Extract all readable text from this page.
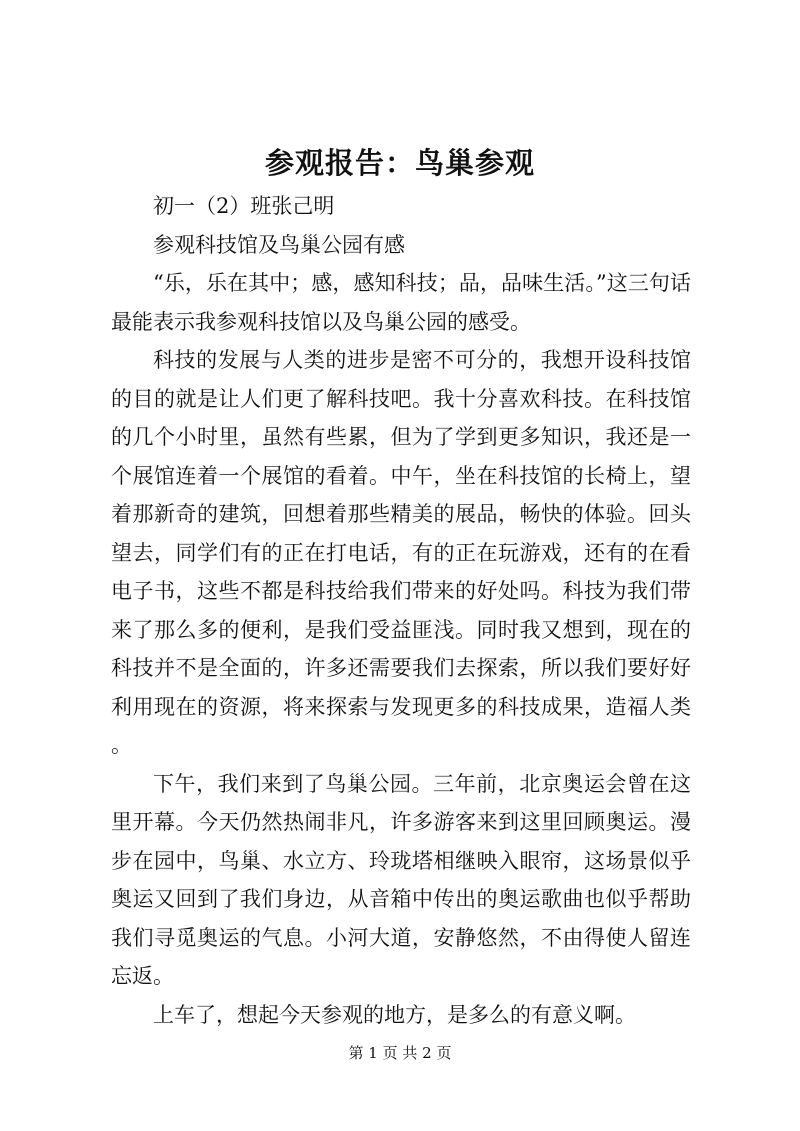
参观报告：鸟巢参观

初一（2）班张己明

参观科技馆及鸟巢公园有感

“乐，乐在其中；感，感知科技；品，品味生活。”这三句话最能表示我参观科技馆以及鸟巢公园的感受。

科技的发展与人类的进步是密不可分的，我想开设科技馆的目的就是让人们更了解科技吧。我十分喜欢科技。在科技馆的几个小时里，虽然有些累，但为了学到更多知识，我还是一个展馆连着一个展馆的看着。中午，坐在科技馆的长椅上，望着那新奇的建筑，回想着那些精美的展品，畅快的体验。回头望去，同学们有的正在打电话，有的正在玩游戏，还有的在看电子书，这些不都是科技给我们带来的好处吗。科技为我们带来了那么多的便利，是我们受益匪浅。同时我又想到，现在的科技并不是全面的，许多还需要我们去探索，所以我们要好好利用现在的资源，将来探索与发现更多的科技成果，造福人类。

下午，我们来到了鸟巢公园。三年前，北京奥运会曾在这里开幕。今天仍然热闹非凡，许多游客来到这里回顾奥运。漫步在园中，鸟巢、水立方、玲珑塔相继映入眼帘，这场景似乎奥运又回到了我们身边，从音箱中传出的奥运歌曲也似乎帮助我们寻觅奥运的气息。小河大道，安静悠然，不由得使人留连忘返。

上车了，想起今天参观的地方，是多么的有意义啊。

第 1 页 共 2 页
